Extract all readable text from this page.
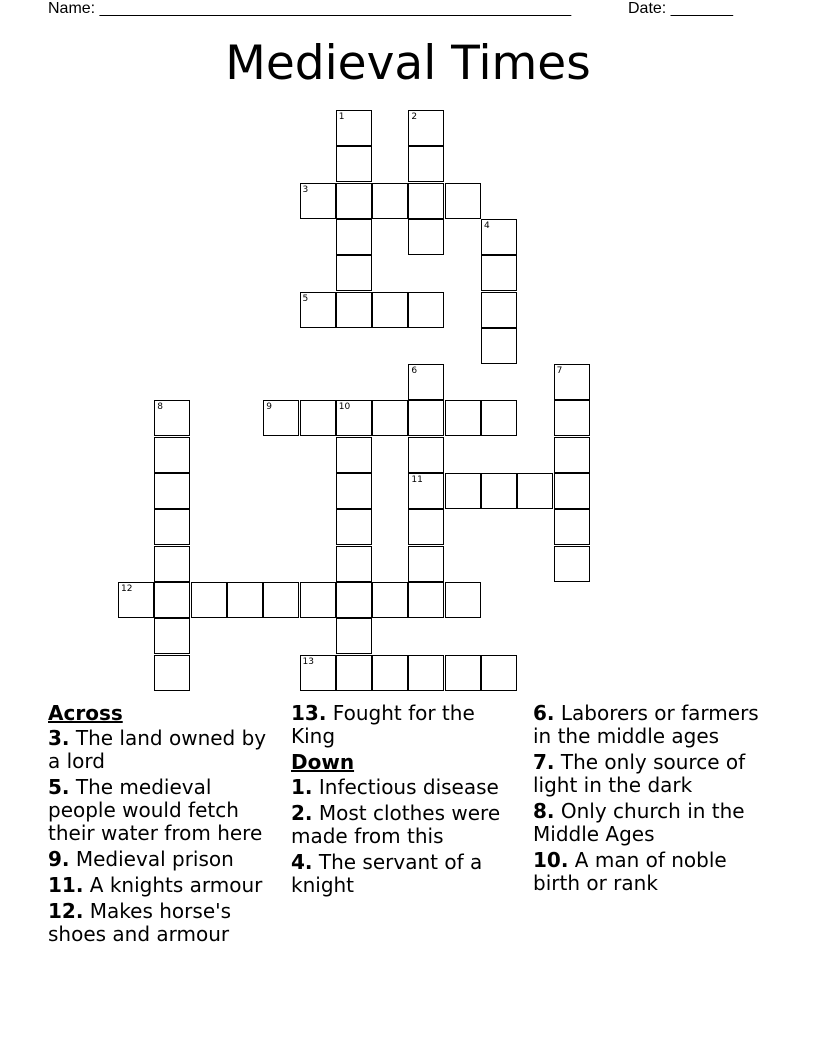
Name: _____________________________________________________	Date: _______
Medieval Times
1	2
3
4
5
6
11
7
8	9	10
12
13
Across
3. The land owned by a lord
5. The medieval people would fetch their water from here
9. Medieval prison
11. A knights armour
12. Makes horse's shoes and armour
13. Fought for the King
Down
1. Infectious disease
2. Most clothes were made from this
4. The servant of a knight
6. Laborers or farmers in the middle ages
7. The only source of light in the dark
8. Only church in the Middle Ages
10. A man of noble birth or rank
